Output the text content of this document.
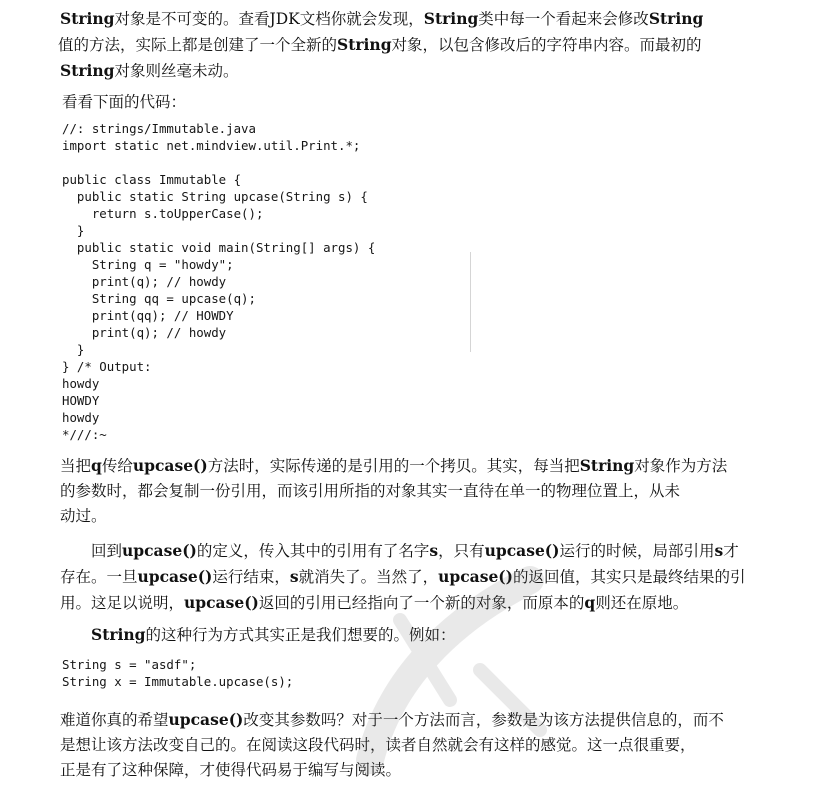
String对象是不可变的。查看JDK文档你就会发现，String类中每一个看起来会修改String
值的方法，实际上都是创建了一个全新的String对象，以包含修改后的字符串内容。而最初的
String对象则丝毫未动。

看看下面的代码：

//: strings/Immutable.java
import static net.mindview.util.Print.*;

public class Immutable {
public static String upcase(String s) {
return s.toUpperCase();
}
public static void main(String[] args) {
String q = "howdy";
print(q); // howdy
String qq = upcase(q);
print(qq); // HOWDY
print(q); // howdy
}
} /* Output:
howdy
HOWDY
howdy
*///:~

当把q传给upcase()方法时，实际传递的是引用的一个拷贝。其实，每当把String对象作为方法
的参数时，都会复制一份引用，而该引用所指的对象其实一直待在单一的物理位置上，从未
动过。

回到upcase()的定义，传入其中的引用有了名字s，只有upcase()运行的时候，局部引用s才
存在。一旦upcase()运行结束，s就消失了。当然了，upcase()的返回值，其实只是最终结果的引
用。这足以说明，upcase()返回的引用已经指向了一个新的对象，而原本的q则还在原地。

String的这种行为方式其实正是我们想要的。例如：

String s = "asdf";
String x = Immutable.upcase(s);

难道你真的希望upcase()改变其参数吗？对于一个方法而言，参数是为该方法提供信息的，而不
是想让该方法改变自己的。在阅读这段代码时，读者自然就会有这样的感觉。这一点很重要，
正是有了这种保障，才使得代码易于编写与阅读。
